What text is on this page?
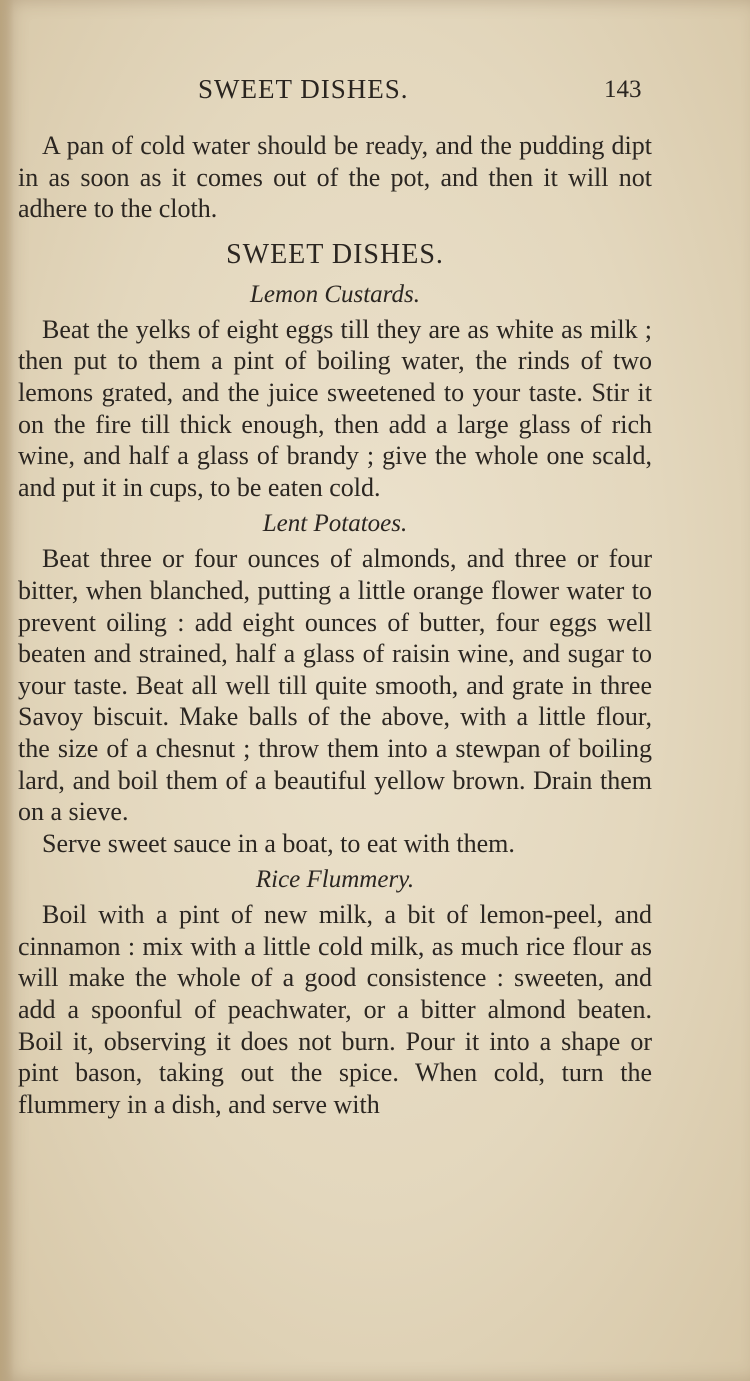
SWEET DISHES.	143

A pan of cold water should be ready, and the pudding dipt in as soon as it comes out of the pot, and then it will not adhere to the cloth.

SWEET DISHES.
Lemon Custards.

Beat the yelks of eight eggs till they are as white as milk ; then put to them a pint of boiling water, the rinds of two lemons grated, and the juice sweetened to your taste. Stir it on the fire till thick enough, then add a large glass of rich wine, and half a glass of brandy ; give the whole one scald, and put it in cups, to be eaten cold.

Lent Potatoes.

Beat three or four ounces of almonds, and three or four bitter, when blanched, putting a little orange flower water to prevent oiling : add eight ounces of butter, four eggs well beaten and strained, half a glass of raisin wine, and sugar to your taste. Beat all well till quite smooth, and grate in three Savoy biscuit. Make balls of the above, with a little flour, the size of a chesnut ; throw them into a stewpan of boiling lard, and boil them of a beautiful yellow brown. Drain them on a sieve.

Serve sweet sauce in a boat, to eat with them.

Rice Flummery.

Boil with a pint of new milk, a bit of lemon-peel, and cinnamon : mix with a little cold milk, as much rice flour as will make the whole of a good consistence : sweeten, and add a spoonful of peachwater, or a bitter almond beaten. Boil it, observing it does not burn. Pour it into a shape or pint bason, taking out the spice. When cold, turn the flummery in a dish, and serve with
